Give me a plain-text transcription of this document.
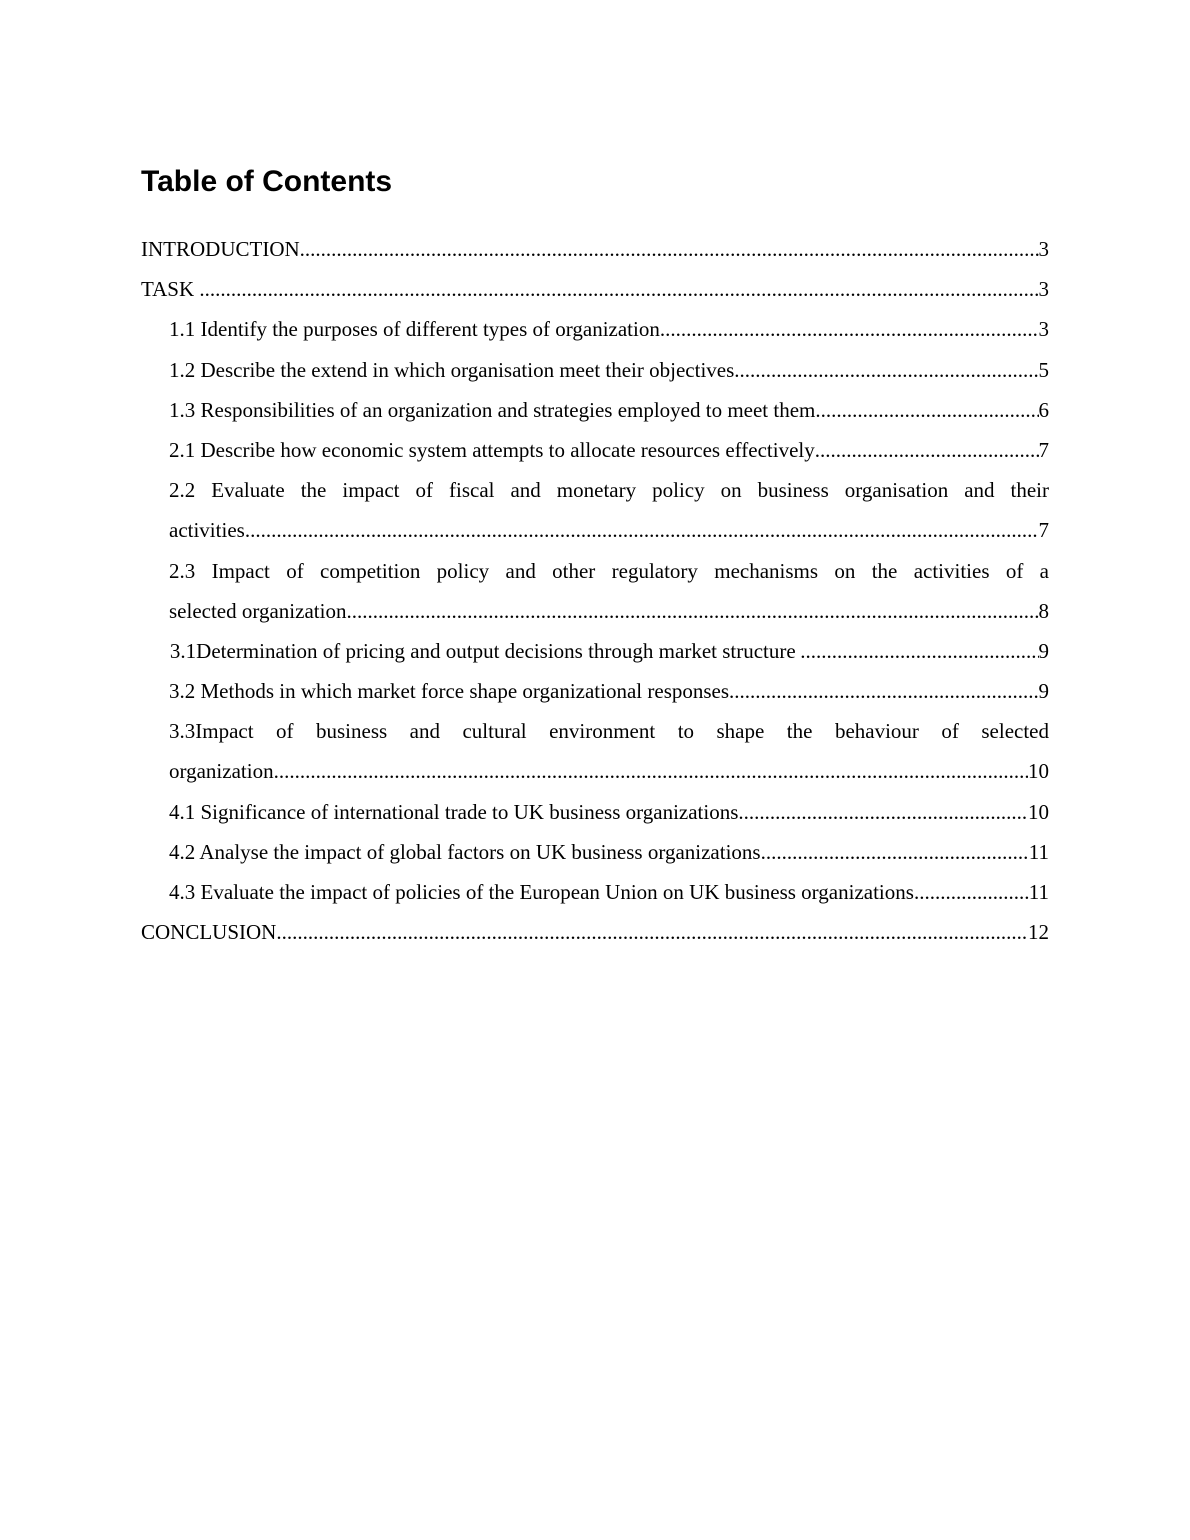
Table of Contents
INTRODUCTION .....	3
TASK .....	3
1.1 Identify the purposes of different types of organization .....	3
1.2 Describe the extend in which organisation meet their objectives .....	5
1.3 Responsibilities of an organization and strategies employed to meet them .....	6
2.1 Describe how economic system attempts to allocate resources effectively .....	7
2.2 Evaluate the impact of fiscal and monetary policy on business organisation and their
activities .....	7
2.3 Impact of competition policy and other regulatory mechanisms on the activities of a
selected organization .....	8
3.1Determination of pricing and output decisions through market structure .....	9
3.2 Methods in which market force shape organizational responses .....	9
3.3Impact of business and cultural environment to shape the behaviour of selected
organization .....	10
4.1 Significance of international trade to UK business organizations .....	10
4.2 Analyse the impact of global factors on UK business organizations .....	11
4.3 Evaluate the impact of policies of the European Union on UK business organizations .....	11
CONCLUSION .....	12
